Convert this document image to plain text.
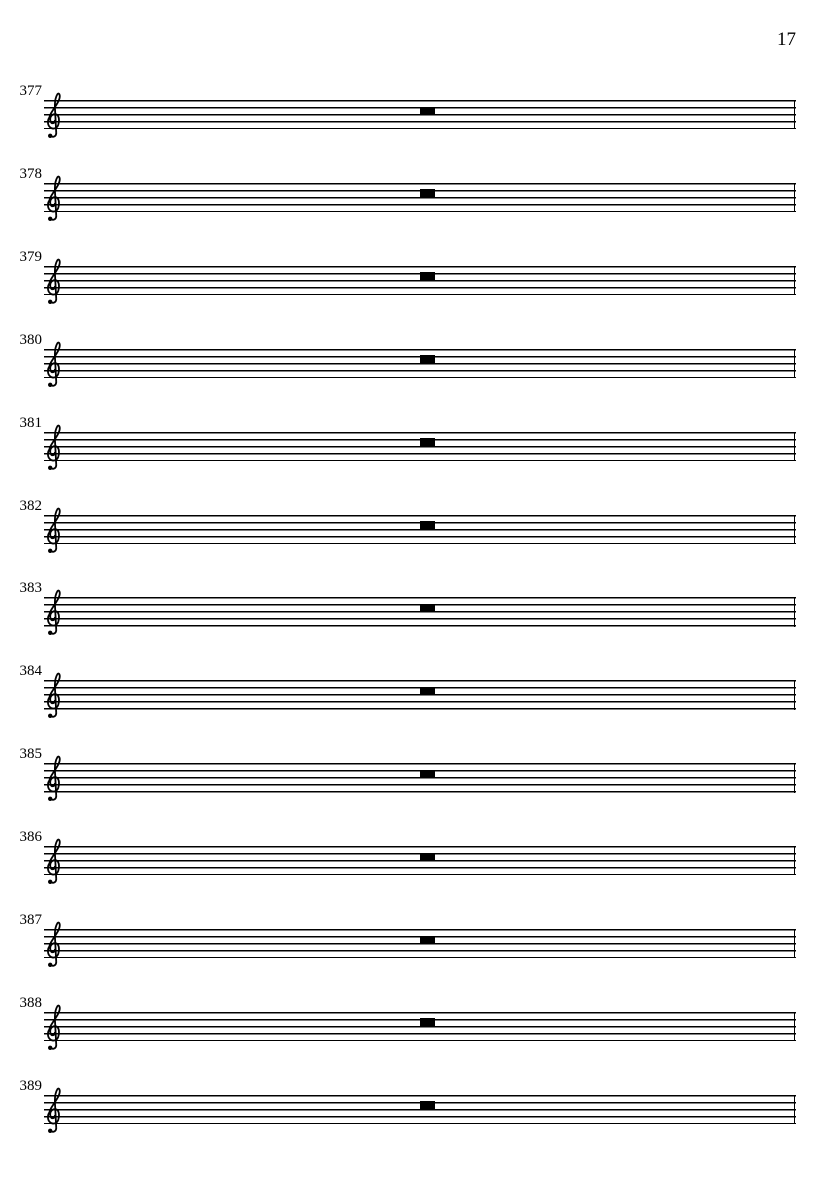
17
377
378
379
380
381
382
383
384
385
386
387
388
389
